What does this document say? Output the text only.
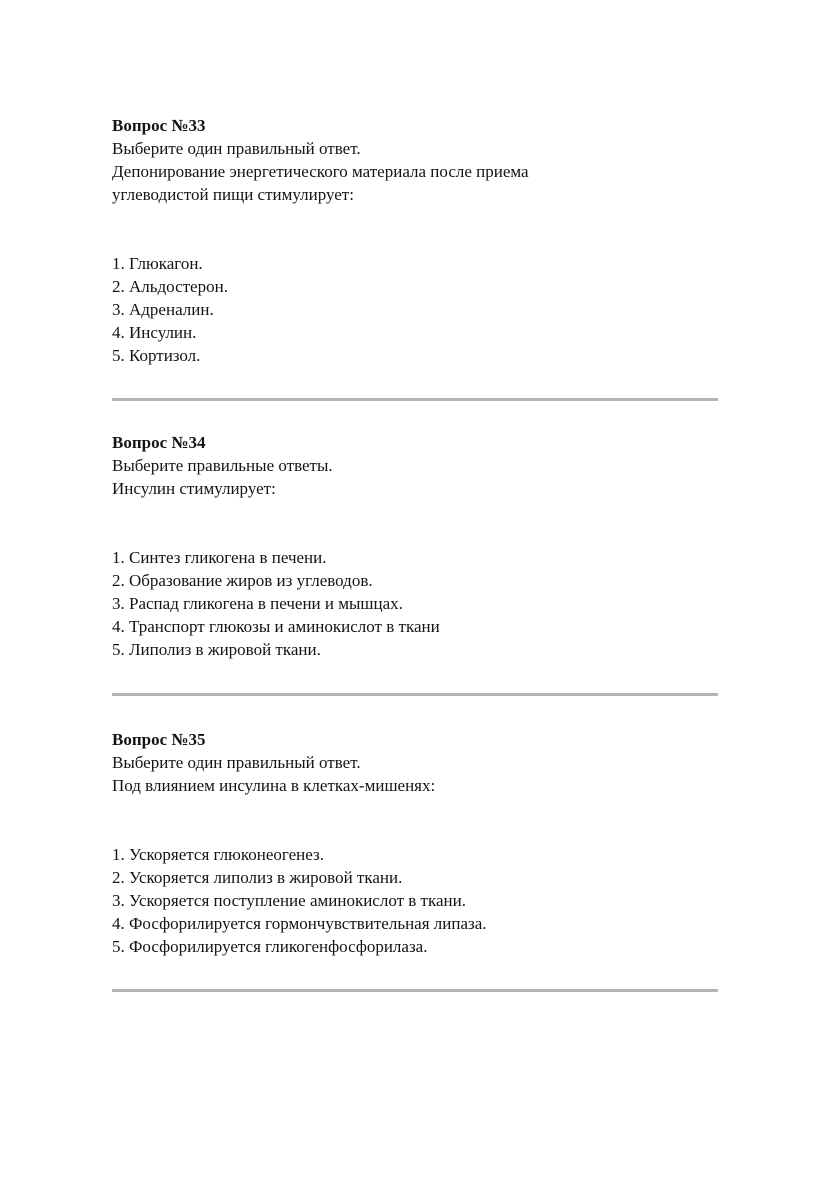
Вопрос №33
Выберите один правильный ответ.
Депонирование энергетического материала после приема
углеводистой пищи стимулирует:
1. Глюкагон.
2. Альдостерон.
3. Адреналин.
4. Инсулин.
5. Кортизол.
Вопрос №34
Выберите правильные ответы.
Инсулин стимулирует:
1. Синтез гликогена в печени.
2. Образование жиров из углеводов.
3. Распад гликогена в печени и мышцах.
4. Транспорт глюкозы и аминокислот в ткани
5. Липолиз в жировой ткани.
Вопрос №35
Выберите один правильный ответ.
Под влиянием инсулина в клетках-мишенях:
1. Ускоряется глюконеогенез.
2. Ускоряется липолиз в жировой ткани.
3. Ускоряется поступление аминокислот в ткани.
4. Фосфорилируется гормончувствительная липаза.
5. Фосфорилируется гликогенфосфорилаза.
